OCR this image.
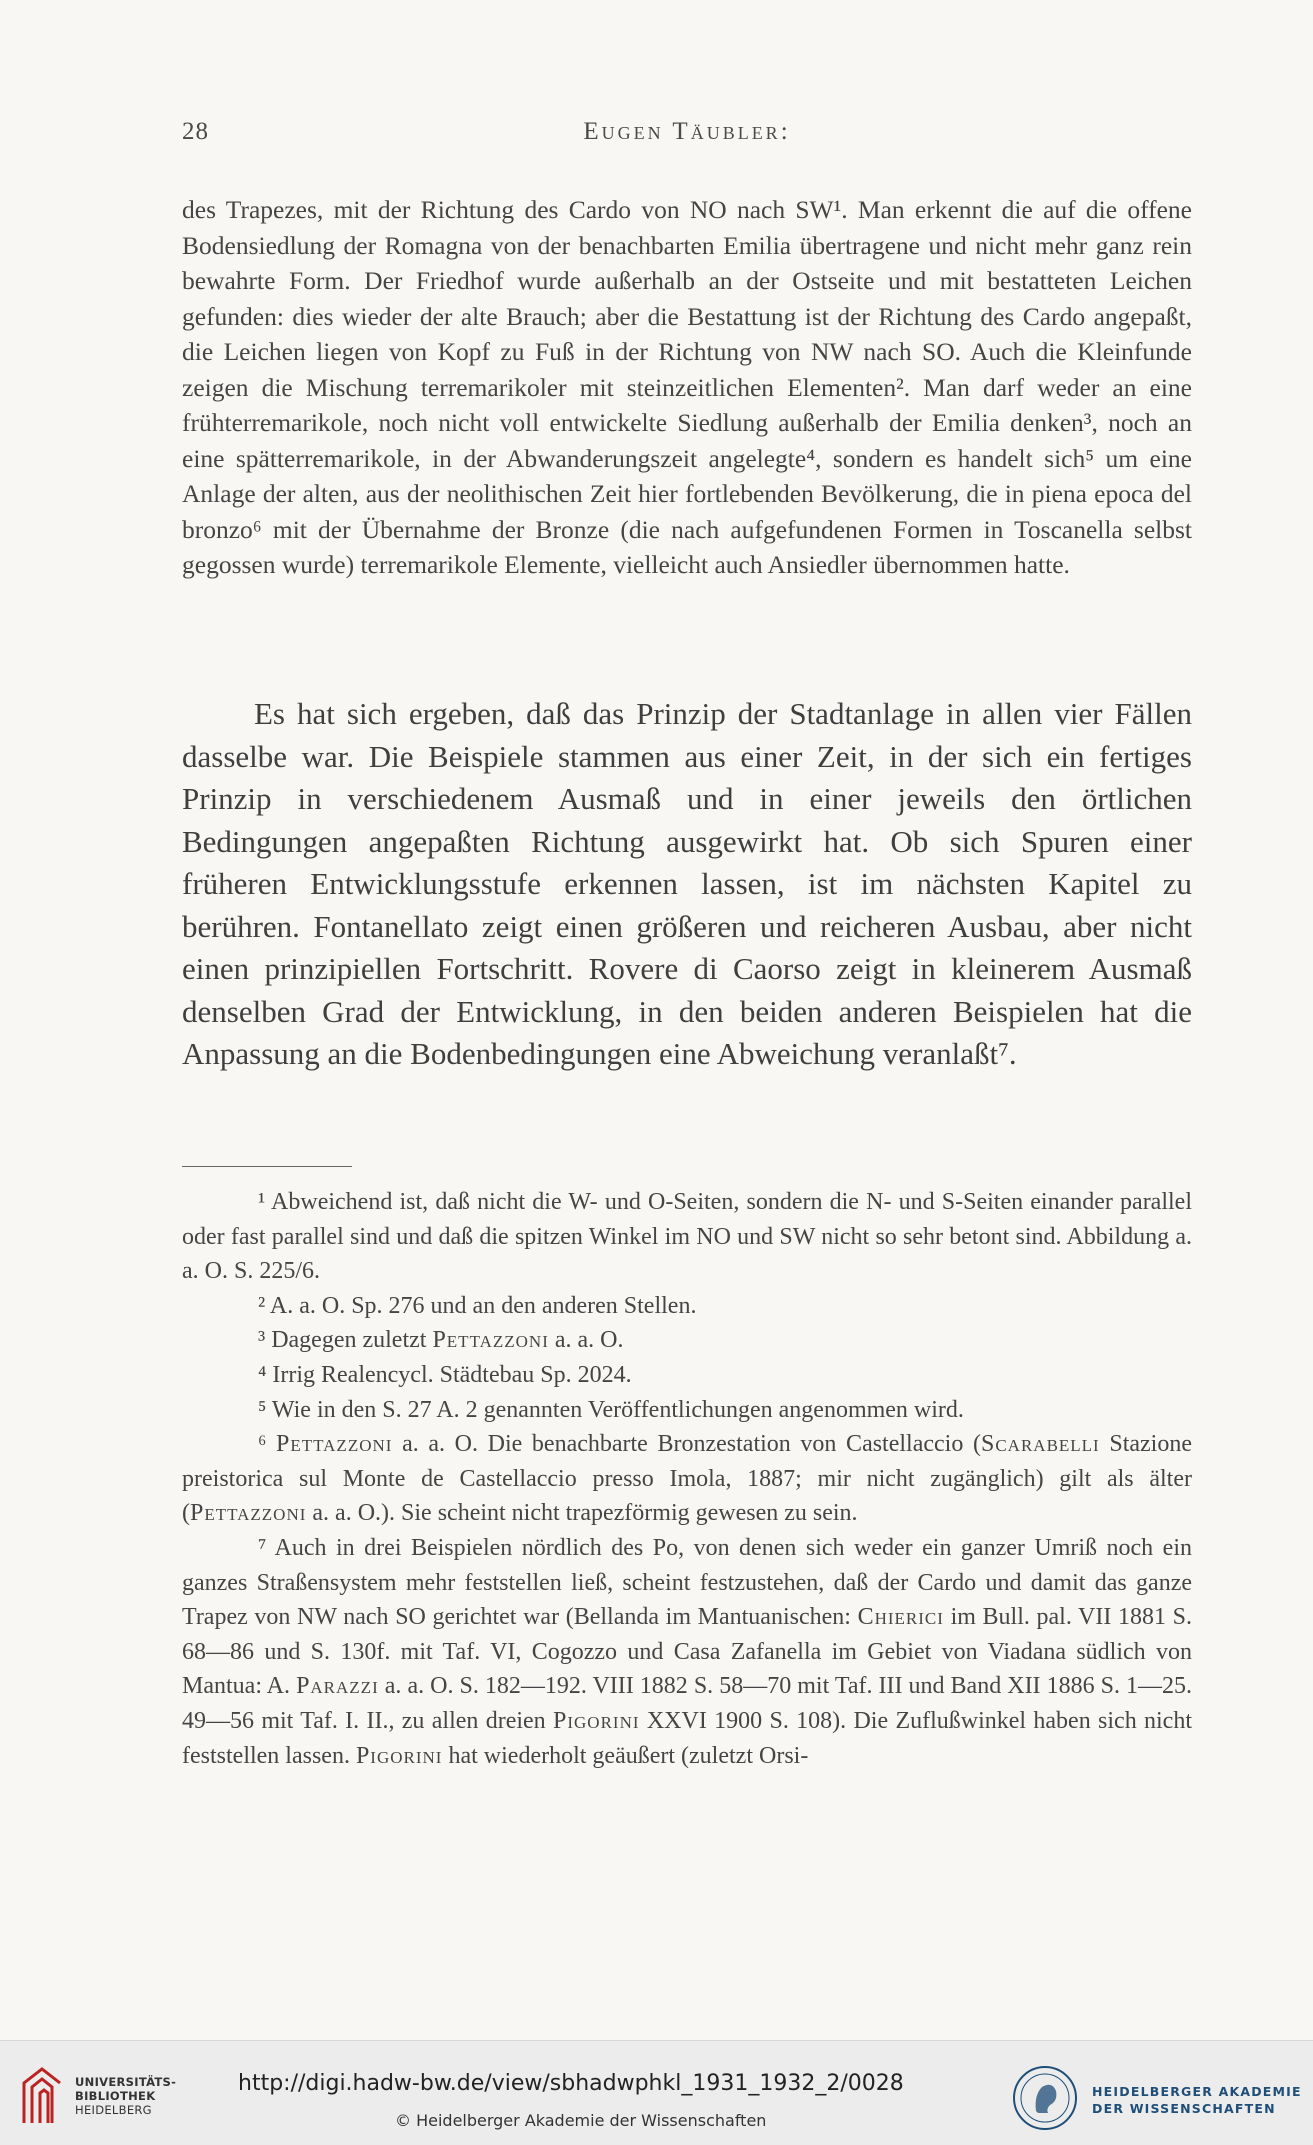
28	Eugen Täubler:

des Trapezes, mit der Richtung des Cardo von NO nach SW¹. Man erkennt die auf die offene Bodensiedlung der Romagna von der benachbarten Emilia übertragene und nicht mehr ganz rein bewahrte Form. Der Friedhof wurde außerhalb an der Ostseite und mit bestatteten Leichen gefunden: dies wieder der alte Brauch; aber die Bestattung ist der Richtung des Cardo angepaßt, die Leichen liegen von Kopf zu Fuß in der Richtung von NW nach SO. Auch die Kleinfunde zeigen die Mischung terremarikoler mit steinzeitlichen Elementen². Man darf weder an eine frühterremarikole, noch nicht voll entwickelte Siedlung außerhalb der Emilia denken³, noch an eine spätterremarikole, in der Abwanderungszeit angelegte⁴, sondern es handelt sich⁵ um eine Anlage der alten, aus der neolithischen Zeit hier fortlebenden Bevölkerung, die in piena epoca del bronzo⁶ mit der Übernahme der Bronze (die nach aufgefundenen Formen in Toscanella selbst gegossen wurde) terremarikole Elemente, vielleicht auch Ansiedler übernommen hatte.

Es hat sich ergeben, daß das Prinzip der Stadtanlage in allen vier Fällen dasselbe war. Die Beispiele stammen aus einer Zeit, in der sich ein fertiges Prinzip in verschiedenem Ausmaß und in einer jeweils den örtlichen Bedingungen angepaßten Richtung ausgewirkt hat. Ob sich Spuren einer früheren Entwicklungsstufe erkennen lassen, ist im nächsten Kapitel zu berühren. Fontanellato zeigt einen größeren und reicheren Ausbau, aber nicht einen prinzipiellen Fortschritt. Rovere di Caorso zeigt in kleinerem Ausmaß denselben Grad der Entwicklung, in den beiden anderen Beispielen hat die Anpassung an die Bodenbedingungen eine Abweichung veranlaßt⁷.

¹ Abweichend ist, daß nicht die W- und O-Seiten, sondern die N- und S-Seiten einander parallel oder fast parallel sind und daß die spitzen Winkel im NO und SW nicht so sehr betont sind. Abbildung a. a. O. S. 225/6.

² A. a. O. Sp. 276 und an den anderen Stellen.

³ Dagegen zuletzt Pettazzoni a. a. O.

⁴ Irrig Realencycl. Städtebau Sp. 2024.

⁵ Wie in den S. 27 A. 2 genannten Veröffentlichungen angenommen wird.

⁶ Pettazzoni a. a. O. Die benachbarte Bronzestation von Castellaccio (Scarabelli Stazione preistorica sul Monte de Castellaccio presso Imola, 1887; mir nicht zugänglich) gilt als älter (Pettazzoni a. a. O.). Sie scheint nicht trapezförmig gewesen zu sein.

⁷ Auch in drei Beispielen nördlich des Po, von denen sich weder ein ganzer Umriß noch ein ganzes Straßensystem mehr feststellen ließ, scheint festzustehen, daß der Cardo und damit das ganze Trapez von NW nach SO gerichtet war (Bellanda im Mantuanischen: Chierici im Bull. pal. VII 1881 S. 68—86 und S. 130f. mit Taf. VI, Cogozzo und Casa Zafanella im Gebiet von Viadana südlich von Mantua: A. Parazzi a. a. O. S. 182—192. VIII 1882 S. 58—70 mit Taf. III und Band XII 1886 S. 1—25. 49—56 mit Taf. I. II., zu allen dreien Pigorini XXVI 1900 S. 108). Die Zuflußwinkel haben sich nicht feststellen lassen. Pigorini hat wiederholt geäußert (zuletzt Orsi-

UNIVERSITÄTS-
BIBLIOTHEK
HEIDELBERG
http://digi.hadw-bw.de/view/sbhadwphkl_1931_1932_2/0028
© Heidelberger Akademie der Wissenschaften
HEIDELBERGER AKADEMIE
DER WISSENSCHAFTEN
